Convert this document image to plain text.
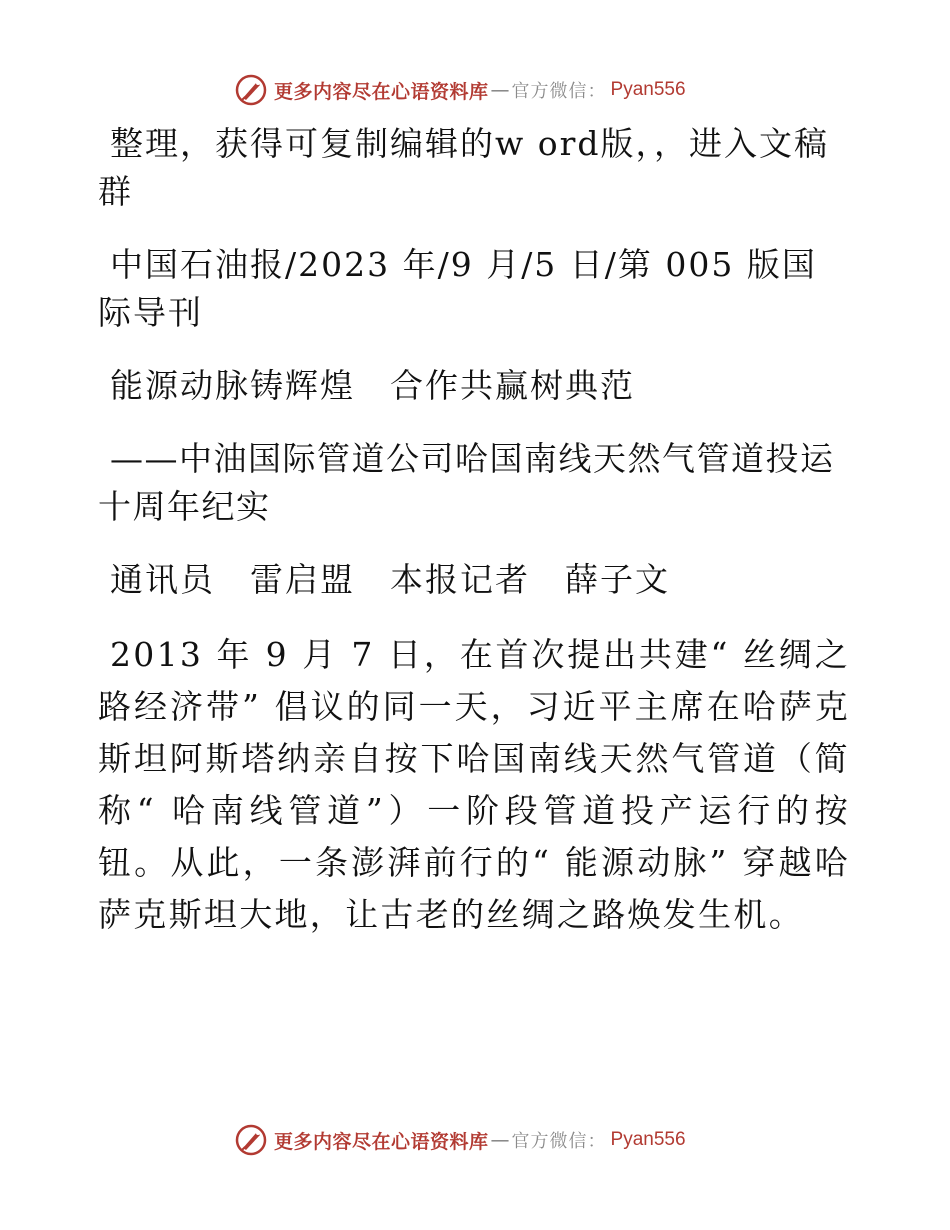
更多内容尽在心语资料库 — 官方微信： Pyan556

整理，获得可复制编辑的w ord版，，进入文稿群

中国石油报/2023 年/9 月/5 日/第 005 版国际导刊

能源动脉铸辉煌　合作共赢树典范

——中油国际管道公司哈国南线天然气管道投运十周年纪实

通讯员　雷启盟　本报记者　薛子文

2013 年 9 月 7 日，在首次提出共建“ 丝绸之路经济带” 倡议的同一天，习近平主席在哈萨克斯坦阿斯塔纳亲自按下哈国南线天然气管道（简称“ 哈南线管道”）一阶段管道投产运行的按钮。从此，一条澎湃前行的“ 能源动脉” 穿越哈萨克斯坦大地，让古老的丝绸之路焕发生机。

更多内容尽在心语资料库 — 官方微信： Pyan556
